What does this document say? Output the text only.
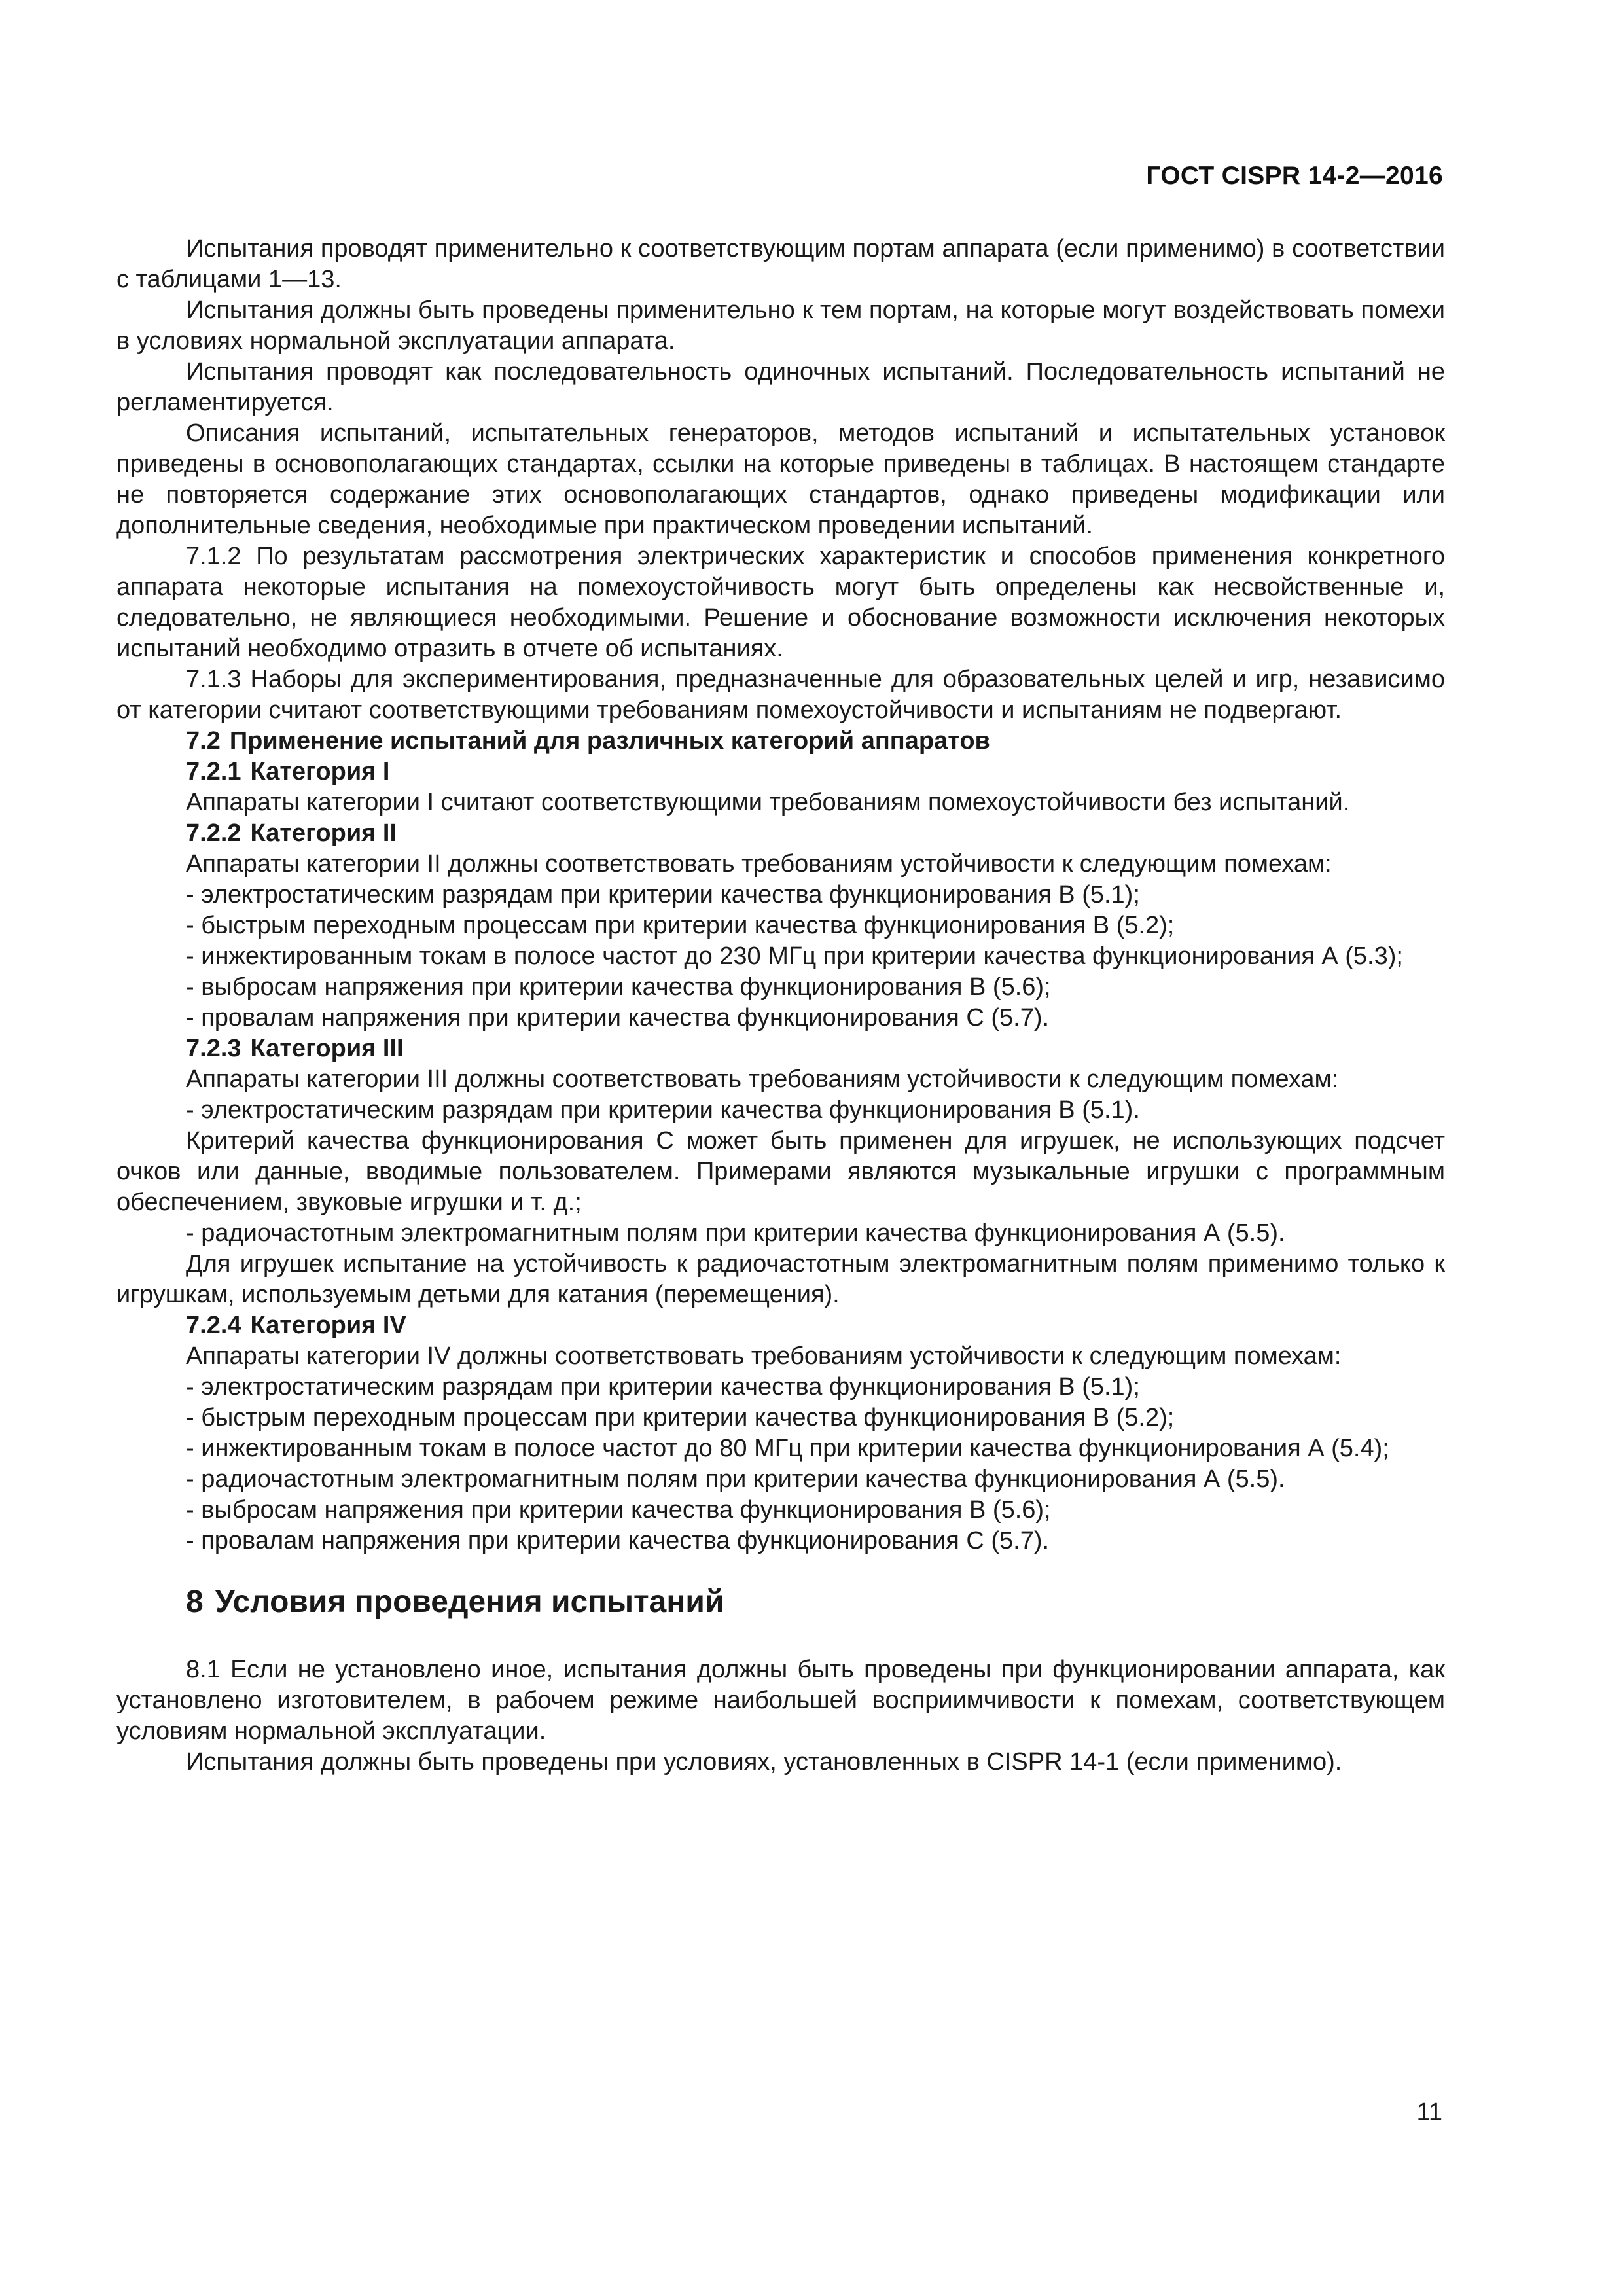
ГОСТ CISPR 14-2—2016

Испытания проводят применительно к соответствующим портам аппарата (если применимо) в соответствии с таблицами 1—13.

Испытания должны быть проведены применительно к тем портам, на которые могут воздействовать помехи в условиях нормальной эксплуатации аппарата.

Испытания проводят как последовательность одиночных испытаний. Последовательность испытаний не регламентируется.

Описания испытаний, испытательных генераторов, методов испытаний и испытательных установок приведены в основополагающих стандартах, ссылки на которые приведены в таблицах. В настоящем стандарте не повторяется содержание этих основополагающих стандартов, однако приведены модификации или дополнительные сведения, необходимые при практическом проведении испытаний.

7.1.2 По результатам рассмотрения электрических характеристик и способов применения конкретного аппарата некоторые испытания на помехоустойчивость могут быть определены как несвойственные и, следовательно, не являющиеся необходимыми. Решение и обоснование возможности исключения некоторых испытаний необходимо отразить в отчете об испытаниях.

7.1.3 Наборы для экспериментирования, предназначенные для образовательных целей и игр, независимо от категории считают соответствующими требованиям помехоустойчивости и испытаниям не подвергают.

7.2 Применение испытаний для различных категорий аппаратов

7.2.1 Категория I

Аппараты категории I считают соответствующими требованиям помехоустойчивости без испытаний.

7.2.2 Категория II

Аппараты категории II должны соответствовать требованиям устойчивости к следующим помехам:

- электростатическим разрядам при критерии качества функционирования В (5.1);

- быстрым переходным процессам при критерии качества функционирования В (5.2);

- инжектированным токам в полосе частот до 230 МГц при критерии качества функционирования А (5.3);

- выбросам напряжения при критерии качества функционирования В (5.6);

- провалам напряжения при критерии качества функционирования С (5.7).

7.2.3 Категория III

Аппараты категории III должны соответствовать требованиям устойчивости к следующим помехам:

- электростатическим разрядам при критерии качества функционирования В (5.1).

Критерий качества функционирования С может быть применен для игрушек, не использующих подсчет очков или данные, вводимые пользователем. Примерами являются музыкальные игрушки с программным обеспечением, звуковые игрушки и т. д.;

- радиочастотным электромагнитным полям при критерии качества функционирования А (5.5).

Для игрушек испытание на устойчивость к радиочастотным электромагнитным полям применимо только к игрушкам, используемым детьми для катания (перемещения).

7.2.4 Категория IV

Аппараты категории IV должны соответствовать требованиям устойчивости к следующим помехам:

- электростатическим разрядам при критерии качества функционирования В (5.1);

- быстрым переходным процессам при критерии качества функционирования В (5.2);

- инжектированным токам в полосе частот до 80 МГц при критерии качества функционирования А (5.4);

- радиочастотным электромагнитным полям при критерии качества функционирования А (5.5).

- выбросам напряжения при критерии качества функционирования В (5.6);

- провалам напряжения при критерии качества функционирования С (5.7).

8 Условия проведения испытаний

8.1 Если не установлено иное, испытания должны быть проведены при функционировании аппарата, как установлено изготовителем, в рабочем режиме наибольшей восприимчивости к помехам, соответствующем условиям нормальной эксплуатации.

Испытания должны быть проведены при условиях, установленных в CISPR 14-1 (если применимо).

11
